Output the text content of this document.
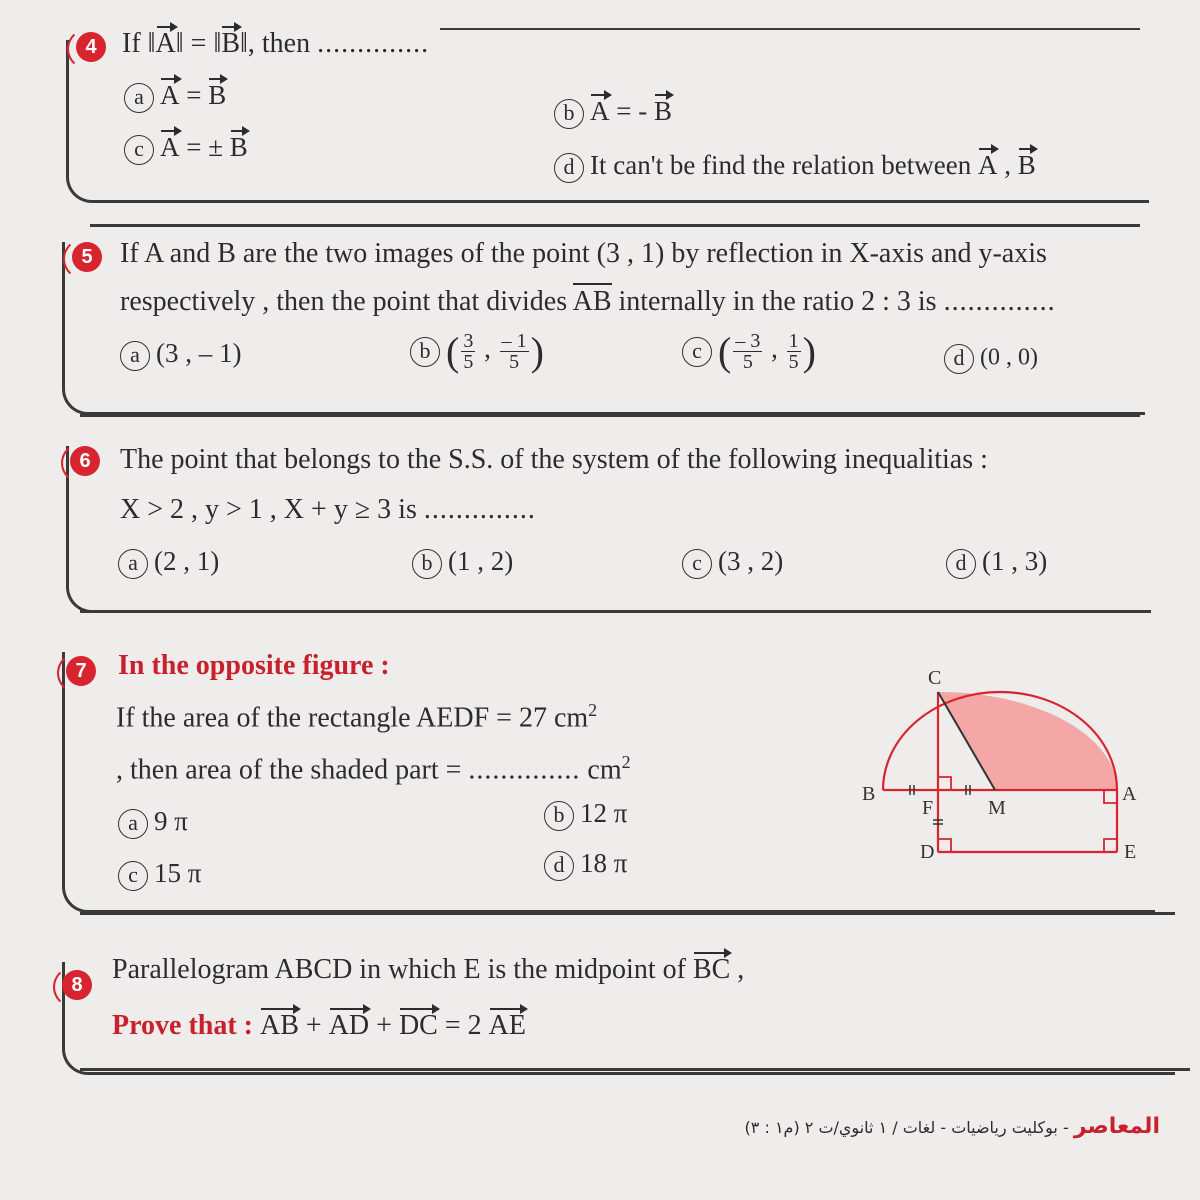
4 If ‖A‖ = ‖B‖, then ..............
a A = B
c A = ± B
b A = - B
d It can't be find the relation between A , B
5 If A and B are the two images of the point (3 , 1) by reflection in X-axis and y-axis
respectively , then the point that divides AB internally in the ratio 2 : 3 is ..............
a (3 , – 1)	b ( $\frac{3}{5}$ , $\frac{- 1}{5}$ )	c ( $\frac{- 3}{5}$ , $\frac{1}{5}$ )	d (0 , 0)
6	The point that belongs to the S.S. of the system of the following inequalitias :
X > 2 , y > 1 , X + y ≥ 3 is ..............
a (2 , 1)	b (1 , 2)	c (3 , 2)	d (1 , 3)
7	In the opposite figure :
If the area of the rectangle AEDF = 27 $cm^2$
, then area of the shaded part = .............. $cm^2$
a 9 π
c 15 π
b 12 π
d 18 π
C
B	A
F	M
D	E
8	Parallelogram ABCD in which E is the midpoint of BC ,
Prove that : AB + AD + DC = 2 AE
المعاصر - بوكليت رياضيات - لغات / ١ ثانوي/ت ٢ (م١ : ٣)
